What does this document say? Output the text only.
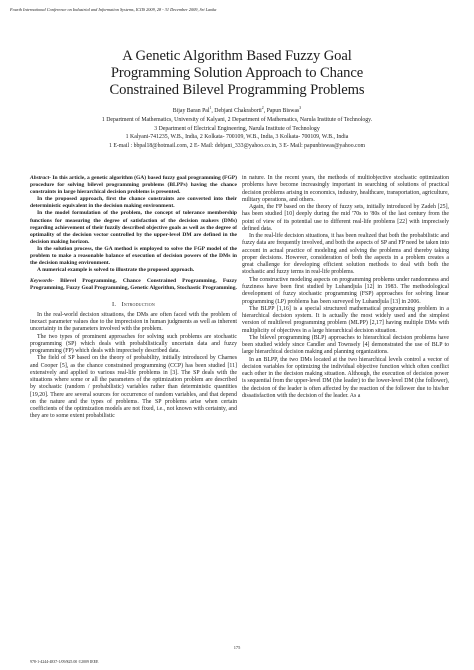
Fourth International Conference on Industrial and Information Systems, ICIIS 2009, 28 - 31 December 2009, Sri Lanka
A Genetic Algorithm Based Fuzzy Goal
Programming Solution Approach to Chance
Constrained Bilevel Programming Problems
Bijay Baran Pal$^1$, Debjani Chakraborti$^2$, Papun Biswas$^3$
1 Department of Mathematics, University of Kalyani, 2 Department of Mathematics, Narula Institute of Technology.
3 Department of Electrical Engineering, Narula Institute of Technology
1 Kalyani-741235, W.B., India, 2 Kolkata- 700109, W.B., India, 3 Kolkata- 700109, W.B., India
1 E-mail : bbpal18@hotmail.com, 2 E- Mail: debjani_333@yahoo.co.in, 3 E- Mail: papunbiswas@yahoo.com

Abstract- In this article, a genetic algorithm (GA) based fuzzy goal programming (FGP) procedure for solving bilevel programming problems (BLPPs) having the chance constraints in large hierarchical decision problems is presented.

In the proposed approach, first the chance constraints are converted into their deterministic equivalent in the decision making environment.

In the model formulation of the problem, the concept of tolerance membership functions for measuring the degree of satisfaction of the decision makers (DMs) regarding achievement of their fuzzily described objective goals as well as the degree of optimality of the decision vector controlled by the upper-level DM are defined in the decision making horizon.

In the solution process, the GA method is employed to solve the FGP model of the problem to make a reasonable balance of execution of decision powers of the DMs in the decision making environment.

A numerical example is solved to illustrate the proposed approach.

Keywords- Bilevel Programming, Chance Constrained Programming, Fuzzy Programming, Fuzzy Goal Programming, Genetic Algorithm, Stochastic Programming.
I. Introduction

In the real-world decision situations, the DMs are often faced with the problem of inexact parameter values due to the imprecision in human judgments as well as inherent uncertainty in the parameters involved with the problem.

The two types of prominent approaches for solving such problems are stochastic programming (SP) which deals with probabilistically uncertain data and fuzzy programming (FP) which deals with imprecisely described data.

The field of SP based on the theory of probability, initially introduced by Charnes and Cooper [5], as the chance constrained programming (CCP) has been studied [11] extensively and applied to various real-life problems in [3]. The SP deals with the situations where some or all the parameters of the optimization problem are described by stochastic (random / probabilistic) variables rather than deterministic quantities [19,20]. There are several sources for occurrence of random variables, and that depend on the nature and the types of problems. The SP problems arise when certain coefficients of the optimization models are not fixed, i.e., not known with certainty, and they are to some extent probabilistic

in nature. In the recent years, the methods of multiobjective stochastic optimization problems have become increasingly important in searching of solutions of practical decision problems arising in economics, industry, healthcare, transportation, agriculture, military operations, and others.

Again, the FP based on the theory of fuzzy sets, initially introduced by Zadeh [25], has been studied [10] deeply during the mid '70s to '80s of the last century from the point of view of its potential use to different real-life problems [22] with imprecisely defined data.

In the real-life decision situations, it has been realized that both the probabilistic and fuzzy data are frequently involved, and both the aspects of SP and FP need be taken into account in actual practice of modeling and solving the problems and thereby taking proper decisions. However, consideration of both the aspects in a problem creates a great challenge for developing efficient solution methods to deal with both the stochastic and fuzzy terms in real-life problems.

The constructive modeling aspects on programming problems under randomness and fuzziness have been first studied by Luhandjula [12] in 1983. The methodological development of fuzzy stochastic programming (FSP) approaches for solving linear programming (LP) problems has been surveyed by Luhandjula [13] in 2006.

The BLPP [1,16] is a special structured mathematical programming problem in a hierarchical decision system. It is actually the most widely used and the simplest version of multilevel programming problem (MLPP) [2,17] having multiple DMs with multiplicity of objectives in a large hierarchical decision situation.

The bilevel programming (BLP) approaches to hierarchical decision problems have been studied widely since Candler and Townsely [4] demonstrated the use of BLP to large hierarchical decision making and planning organizations.

In an BLPP, the two DMs located at the two hierarchical levels control a vector of decision variables for optimizing the individual objective function which often conflict each other in the decision making situation. Although, the execution of decision power is sequential from the upper-level DM (the leader) to the lower-level DM (the follower), the decision of the leader is often affected by the reaction of the follower due to his/her dissatisfaction with the decision of the leader. As a

175
978-1-4244-4837-1/09/$25.00 ©2009 IEEE
